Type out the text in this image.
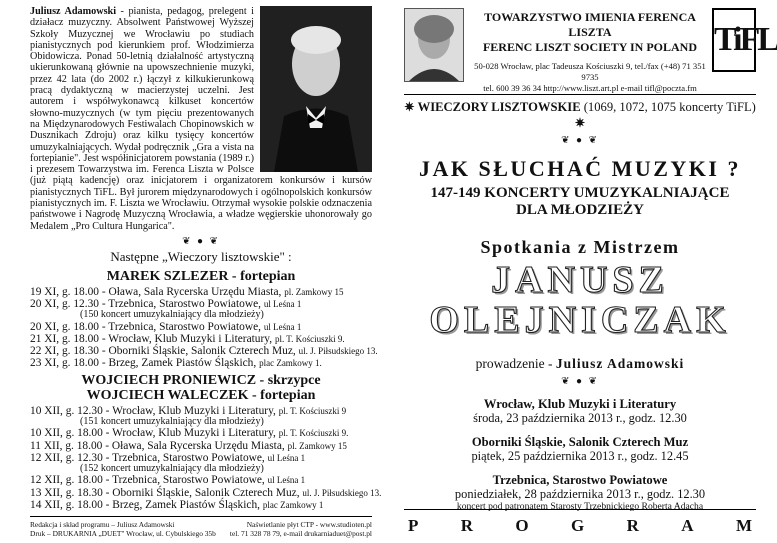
Juliusz Adamowski - pianista, pedagog, prelegent i działacz muzyczny. Absolwent Państwowej Wyższej Szkoły Muzycznej we Wrocławiu po studiach pianistycznych pod kierunkiem prof. Włodzimierza Obidowicza. Ponad 50-letnią działalność artystyczną ukierunkowaną głównie na upowszechnienie muzyki, przez 42 lata (do 2002 r.) łączył z kilkukierunkową pracą dydaktyczną w macierzystej uczelni. Jest autorem i współwykonawcą kilkuset koncertów słowno-muzycznych (w tym pięciu prezentowanych na Międzynarodowych Festiwalach Chopinowskich w Dusznikach Zdroju) oraz kilku tysięcy koncertów umuzykalniających. Wydał podręcznik „Gra a vista na fortepianie". Jest współinicjatorem powstania (1989 r.) i prezesem Towarzystwa im. Ferenca Liszta w Polsce (już piątą kadencję) oraz inicjatorem i organizatorem konkursów i kursów pianistycznych TiFL. Był jurorem międzynarodowych i ogólnopolskich konkursów pianistycznych im. F. Liszta we Wrocławiu. Otrzymał wysokie polskie odznaczenia państwowe i Nagrodę Muzyczną Wrocławia, a władze węgierskie uhonorowały go Medalem „Pro Cultura Hungarica".
❦ ● ❦
Następne „Wieczory lisztowskie" :
MAREK SZLEZER - fortepian
19 XI, g. 18.00 - Oława, Sala Rycerska Urzędu Miasta, pl. Zamkowy 15
20 XI, g. 12.30 - Trzebnica, Starostwo Powiatowe, ul Leśna 1
(150 koncert umuzykalniający dla młodzieży)
20 XI, g. 18.00 - Trzebnica, Starostwo Powiatowe, ul Leśna 1
21 XI, g. 18.00 - Wrocław, Klub Muzyki i Literatury, pl. T. Kościuszki 9.
22 XI, g. 18.30 - Oborniki Śląskie, Salonik Czterech Muz, ul. J. Piłsudskiego 13.
23 XI, g. 18.00 - Brzeg, Zamek Piastów Śląskich, plac Zamkowy 1.
WOJCIECH PRONIEWICZ - skrzypce
WOJCIECH WALECZEK - fortepian
10 XII, g. 12.30 - Wrocław, Klub Muzyki i Literatury, pl. T. Kościuszki 9
(151 koncert umuzykalniający dla młodzieży)
10 XII, g. 18.00 - Wrocław, Klub Muzyki i Literatury, pl. T. Kościuszki 9.
11 XII, g. 18.00 - Oława, Sala Rycerska Urzędu Miasta, pl. Zamkowy 15
12 XII, g. 12.30 - Trzebnica, Starostwo Powiatowe, ul Leśna 1
(152 koncert umuzykalniający dla młodzieży)
12 XII, g. 18.00 - Trzebnica, Starostwo Powiatowe, ul Leśna 1
13 XII, g. 18.30 - Oborniki Śląskie, Salonik Czterech Muz, ul. J. Piłsudskiego 13.
14 XII, g. 18.00 - Brzeg, Zamek Piastów Śląskich, plac Zamkowy 1
Redakcja i skład programu – Juliusz Adamowski	Naświetlanie płyt CTP - www.studioten.pl
Druk – DRUKARNIA „DUET" Wrocław, ul. Cybulskiego 35b tel. 71 328 78 79, e-mail drukarniaduet@post.pl
TOWARZYSTWO IMIENIA FERENCA LISZTA
FERENC LISZT SOCIETY IN POLAND
50-028 Wrocław, plac Tadeusza Kościuszki 9, tel./fax (+48) 71 351 9735
tel. 600 39 36 34 http://www.liszt.art.pl e-mail tifl@poczta.fm
TiFL
✷ WIECZORY LISZTOWSKIE (1069, 1072, 1075 koncerty TiFL) ✷
❦ ● ❦
JAK SŁUCHAĆ MUZYKI ?
147-149 KONCERTY UMUZYKALNIAJĄCE
DLA MŁODZIEŻY
Spotkania z Mistrzem
JANUSZ
OLEJNICZAK
prowadzenie - Juliusz Adamowski
❦ ● ❦
Wrocław, Klub Muzyki i Literatury
środa, 23 października 2013 r., godz. 12.30
Oborniki Śląskie, Salonik Czterech Muz
piątek, 25 października 2013 r., godz. 12.45
Trzebnica, Starostwo Powiatowe
poniedziałek, 28 października 2013 r., godz. 12.30
koncert pod patronatem Starosty Trzebnickiego Roberta Adacha
P R O G R A M
